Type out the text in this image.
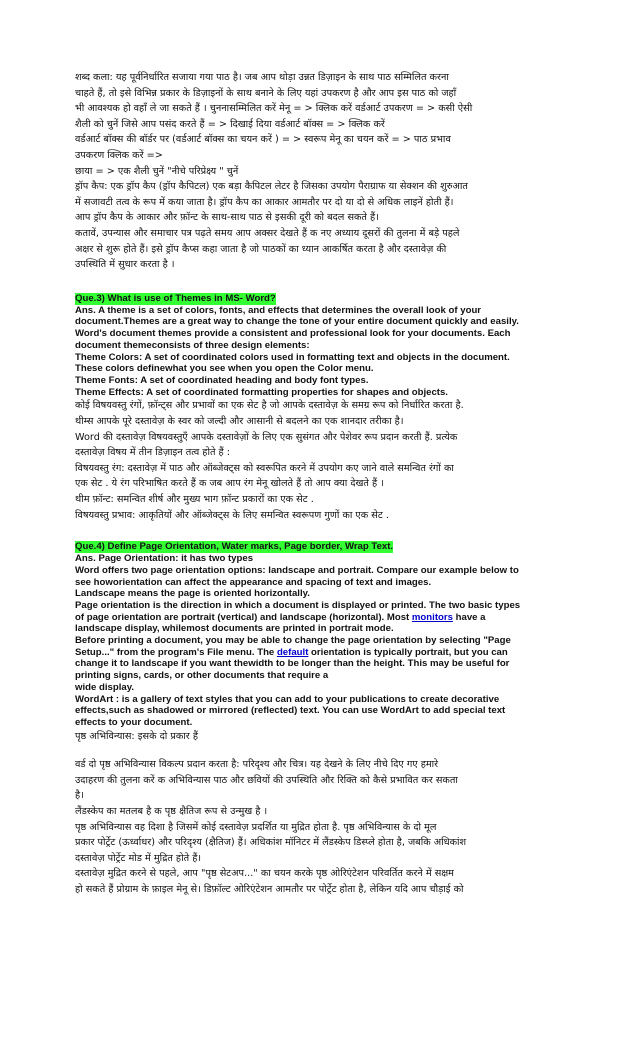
शब्द कला: यह पूर्वनिर्धारित सजाया गया पाठ है। जब आप थोड़ा उन्नत डिज़ाइन के साथ पाठ सम्मिलित करना

चाहते हैं, तो इसे विभिन्न प्रकार के डिज़ाइनों के साथ बनाने के लिए यहां उपकरण है और आप इस पाठ को जहाँ

भी आवश्यक हो वहाँ ले जा सकते हैं । चुननासम्मिलित करें मेनू = > क्लिक करें वर्डआर्ट उपकरण = > कसी ऐसी

शैली को चुनें जिसे आप पसंद करते हैं = > दिखाई दिया वर्डआर्ट बॉक्स = > क्लिक करें

वर्डआर्ट बॉक्स की बॉर्डर पर (वर्डआर्ट बॉक्स का चयन करें ) = > स्वरूप मेनू का चयन करें = > पाठ प्रभाव

उपकरण क्लिक करें =>

छाया = > एक शैली चुनें "नीचे परिप्रेक्ष्य " चुनें

ड्रॉप कैप: एक ड्रॉप कैप (ड्रॉप कैपिटल) एक बड़ा कैपिटल लेटर है जिसका उपयोग पैराग्राफ या सेक्शन की शुरुआत

में सजावटी तत्व के रूप में कया जाता है। ड्रॉप कैप का आकार आमतौर पर दो या दो से अधिक लाइनें होती हैं।

आप ड्रॉप कैप के आकार और फ़ॉन्ट के साथ-साथ पाठ से इसकी दूरी को बदल सकते हैं।

कतावें, उपन्यास और समाचार पत्र पढ़ते समय आप अक्सर देखते हैं क नए अध्याय दूसरों की तुलना में बड़े पहले

अक्षर से शुरू होते हैं। इसे ड्रॉप कैप्स कहा जाता है जो पाठकों का ध्यान आकर्षित करता है और दस्तावेज़ की

उपस्थिति में सुधार करता है ।

Que.3) What is use of Themes in MS- Word?

Ans. A theme is a set of colors, fonts, and effects that determines the overall look of your

document.Themes are a great way to change the tone of your entire document quickly and easily.

Word's document themes provide a consistent and professional look for your documents. Each

document themeconsists of three design elements:

Theme Colors: A set of coordinated colors used in formatting text and objects in the document.

These colors definewhat you see when you open the Color menu.

Theme Fonts: A set of coordinated heading and body font types.

Theme Effects: A set of coordinated formatting properties for shapes and objects.

कोई विषयवस्तु रंगों, फ़ॉन्ट्स और प्रभावों का एक सेट है जो आपके दस्तावेज़ के समग्र रूप को निर्धारित करता है.

थीम्स आपके पूरे दस्तावेज़ के स्वर को जल्दी और आसानी से बदलने का एक शानदार तरीका है।

Word की दस्तावेज़ विषयवस्तुएँ आपके दस्तावेज़ों के लिए एक सुसंगत और पेशेवर रूप प्रदान करती हैं. प्रत्येक

दस्तावेज़ विषय में तीन डिज़ाइन तत्व होते हैं :

विषयवस्तु रंग: दस्तावेज़ में पाठ और ऑब्जेक्ट्स को स्वरूपित करने में उपयोग कए जाने वाले समन्वित रंगों का

एक सेट . ये रंग परिभाषित करते हैं क जब आप रंग मेनू खोलते हैं तो आप क्या देखते हैं ।

थीम फ़ॉन्ट: समन्वित शीर्ष और मुख्य भाग फ़ॉन्ट प्रकारों का एक सेट .

विषयवस्तु प्रभाव: आकृतियों और ऑब्जेक्ट्स के लिए समन्वित स्वरूपण गुणों का एक सेट .

Que.4) Define Page Orientation, Water marks, Page border, Wrap Text.

Ans. Page Orientation: it has two types

Word offers two page orientation options: landscape and portrait. Compare our example below to

see howorientation can affect the appearance and spacing of text and images.

Landscape means the page is oriented horizontally.

Page orientation is the direction in which a document is displayed or printed. The two basic types

of page orientation are portrait (vertical) and landscape (horizontal). Most monitors have a

landscape display, whilemost documents are printed in portrait mode.

Before printing a document, you may be able to change the page orientation by selecting "Page

Setup..." from the program's File menu. The default orientation is typically portrait, but you can

change it to landscape if you want thewidth to be longer than the height. This may be useful for

printing signs, cards, or other documents that require a

wide display.

WordArt : is a gallery of text styles that you can add to your publications to create decorative

effects,such as shadowed or mirrored (reflected) text. You can use WordArt to add special text

effects to your document.

पृष्ठ अभिविन्यास: इसके दो प्रकार हैं

वर्ड दो पृष्ठ अभिविन्यास विकल्प प्रदान करता है: परिदृश्य और चित्र। यह देखने के लिए नीचे दिए गए हमारे

उदाहरण की तुलना करें क अभिविन्यास पाठ और छवियों की उपस्थिति और रिक्ति को कैसे प्रभावित कर सकता

है।

लैंडस्केप का मतलब है क पृष्ठ क्षैतिज रूप से उन्मुख है ।

पृष्ठ अभिविन्यास वह दिशा है जिसमें कोई दस्तावेज़ प्रदर्शित या मुद्रित होता है. पृष्ठ अभिविन्यास के दो मूल

प्रकार पोर्ट्रेट (ऊर्ध्वाधर) और परिदृश्य (क्षैतिज) हैं। अधिकांश मॉनिटर में लैंडस्केप डिस्प्ले होता है, जबकि अधिकांश

दस्तावेज़ पोर्ट्रेट मोड में मुद्रित होते हैं।

दस्तावेज़ मुद्रित करने से पहले, आप "पृष्ठ सेटअप..." का चयन करके पृष्ठ ओरिएंटेशन परिवर्तित करने में सक्षम

हो सकते हैं प्रोग्राम के फ़ाइल मेनू से। डिफ़ॉल्ट ओरिएंटेशन आमतौर पर पोर्ट्रेट होता है, लेकिन यदि आप चौड़ाई को
